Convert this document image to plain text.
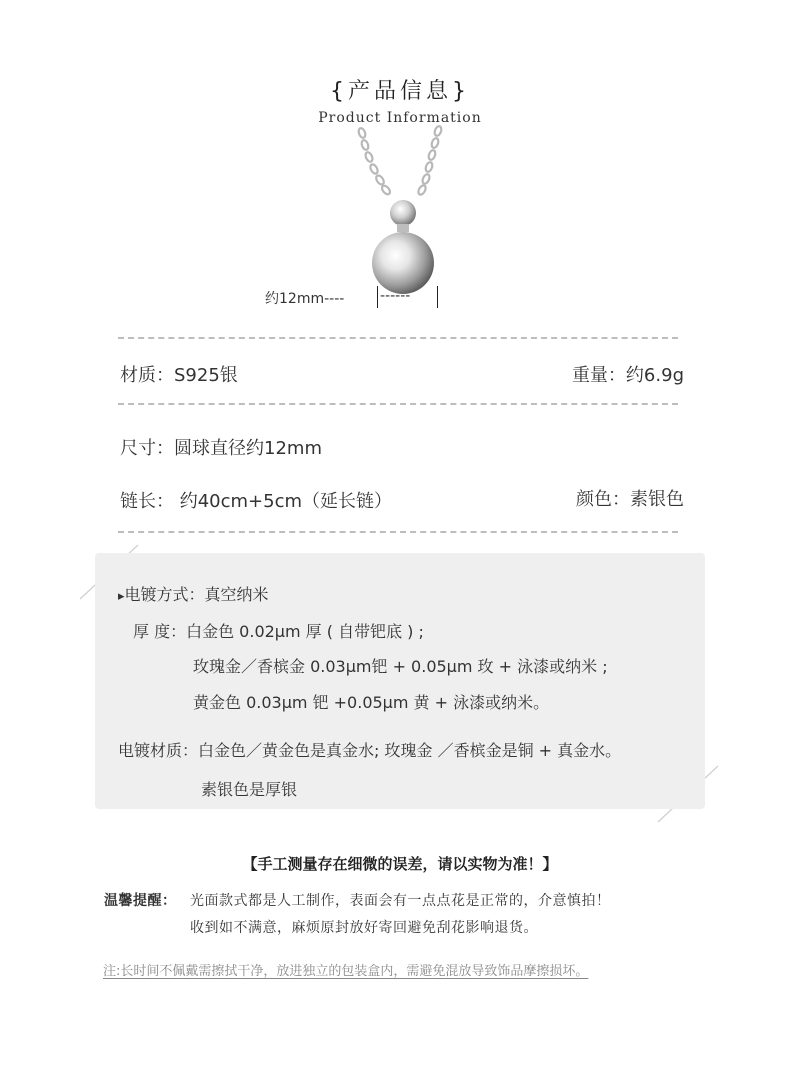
{产品信息}
Product Information
约12mm----	------
材质：S925银	重量：约6.9g
尺寸：圆球直径约12mm
链长： 约40cm+5cm（延长链）	颜色：素银色
▸电镀方式：真空纳米
厚 度：白金色 0.02μm 厚 ( 自带钯底 ) ;
玫瑰金／香槟金 0.03μm钯 + 0.05μm 玫 + 泳漆或纳米 ;
黄金色 0.03μm 钯 +0.05μm 黄 + 泳漆或纳米。
电镀材质：白金色／黄金色是真金水; 玫瑰金 ／香槟金是铜 + 真金水。
素银色是厚银
【手工测量存在细微的误差，请以实物为准！】
温馨提醒： 光面款式都是人工制作，表面会有一点点花是正常的，介意慎拍！
收到如不满意，麻烦原封放好寄回避免刮花影响退货。
注:长时间不佩戴需擦拭干净，放进独立的包装盒内，需避免混放导致饰品摩擦损坏。
